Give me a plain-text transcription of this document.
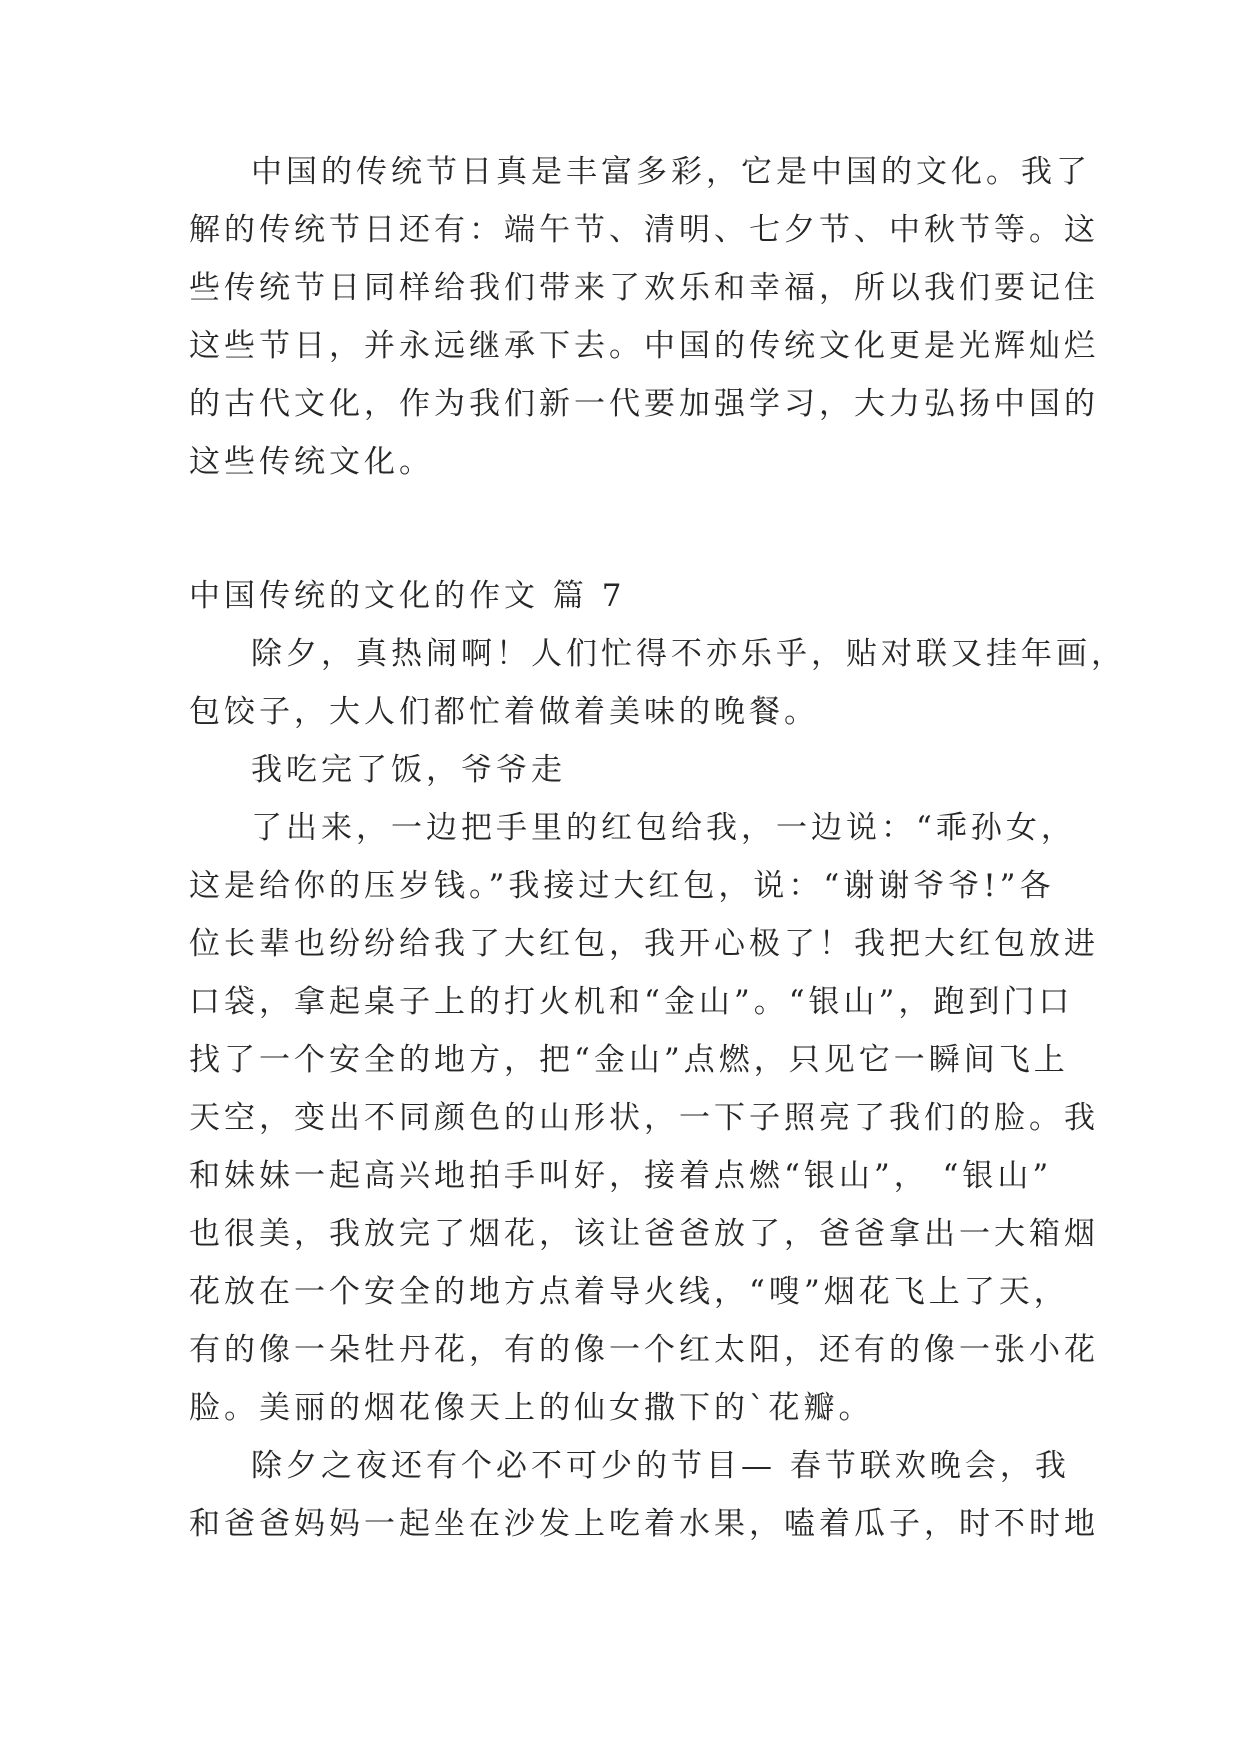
中国的传统节日真是丰富多彩，它是中国的文化。我了

解的传统节日还有：端午节、清明、七夕节、中秋节等。这

些传统节日同样给我们带来了欢乐和幸福，所以我们要记住

这些节日，并永远继承下去。中国的传统文化更是光辉灿烂

的古代文化，作为我们新一代要加强学习，大力弘扬中国的

这些传统文化。

中国传统的文化的作文 篇 7

除夕，真热闹啊！人们忙得不亦乐乎，贴对联又挂年画，

包饺子，大人们都忙着做着美味的晚餐。

我吃完了饭，爷爷走

了出来，一边把手里的红包给我，一边说：“乖孙女，

这是给你的压岁钱。”我接过大红包，说：“谢谢爷爷!”各

位长辈也纷纷给我了大红包，我开心极了！我把大红包放进

口袋，拿起桌子上的打火机和“金山”。“银山”，跑到门口

找了一个安全的地方，把“金山”点燃，只见它一瞬间飞上

天空，变出不同颜色的山形状，一下子照亮了我们的脸。我

和妹妹一起高兴地拍手叫好，接着点燃“银山”， “银山”

也很美，我放完了烟花，该让爸爸放了，爸爸拿出一大箱烟

花放在一个安全的地方点着导火线，“嗖”烟花飞上了天，

有的像一朵牡丹花，有的像一个红太阳，还有的像一张小花

脸。美丽的烟花像天上的仙女撒下的`花瓣。

除夕之夜还有个必不可少的节目— 春节联欢晚会，我

和爸爸妈妈一起坐在沙发上吃着水果，嗑着瓜子，时不时地
